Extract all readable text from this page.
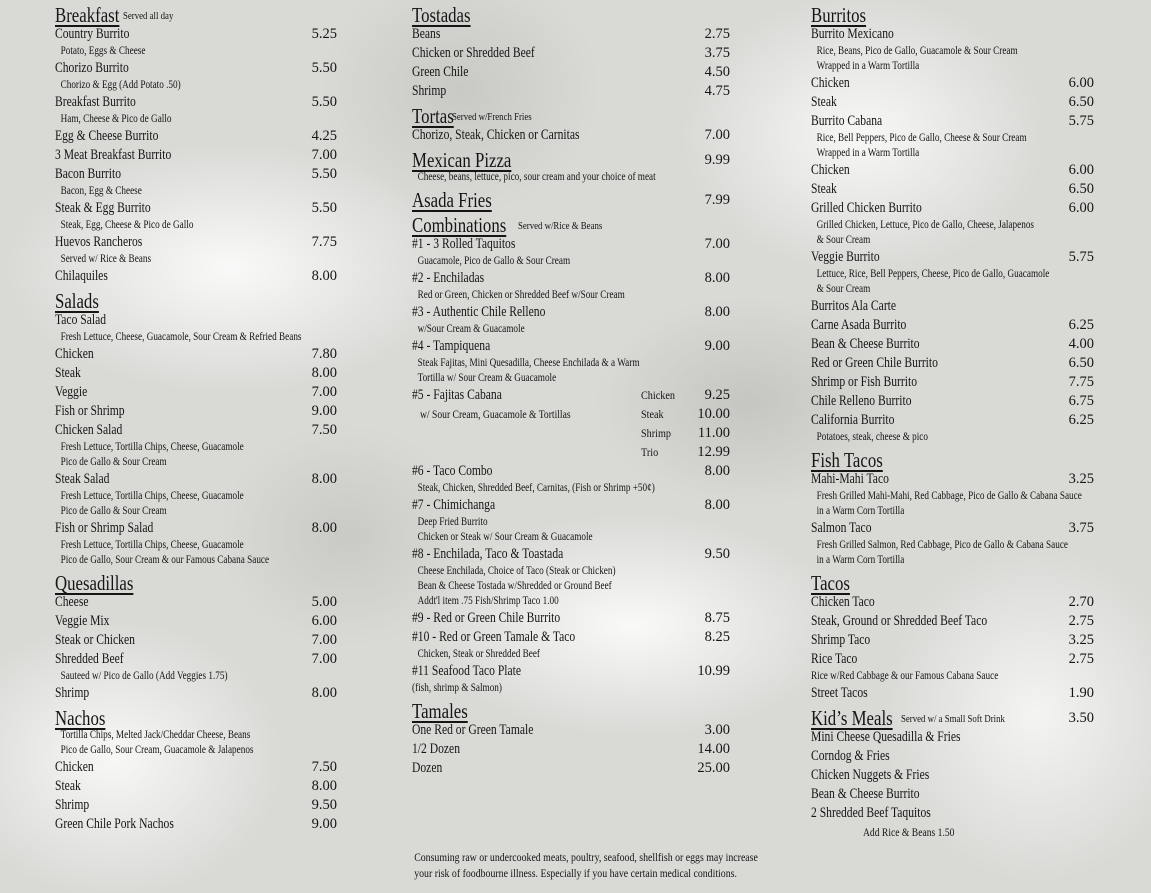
Breakfast Served all day
Country Burrito	5.25
Potato, Eggs & Cheese
Chorizo Burrito	5.50
Chorizo & Egg (Add Potato .50)
Breakfast Burrito	5.50
Ham, Cheese & Pico de Gallo
Egg & Cheese Burrito	4.25
3 Meat Breakfast Burrito	7.00
Bacon Burrito	5.50
Bacon, Egg & Cheese
Steak & Egg Burrito	5.50
Steak, Egg, Cheese & Pico de Gallo
Huevos Rancheros	7.75
Served w/ Rice & Beans
Chilaquiles	8.00
Salads
Taco Salad
Fresh Lettuce, Cheese, Guacamole, Sour Cream & Refried Beans
Chicken	7.80
Steak	8.00
Veggie	7.00
Fish or Shrimp	9.00
Chicken Salad	7.50
Fresh Lettuce, Tortilla Chips, Cheese, Guacamole
Pico de Gallo & Sour Cream
Steak Salad	8.00
Fresh Lettuce, Tortilla Chips, Cheese, Guacamole
Pico de Gallo & Sour Cream
Fish or Shrimp Salad	8.00
Fresh Lettuce, Tortilla Chips, Cheese, Guacamole
Pico de Gallo, Sour Cream & our Famous Cabana Sauce
Quesadillas
Cheese	5.00
Veggie Mix	6.00
Steak or Chicken	7.00
Shredded Beef	7.00
Sauteed w/ Pico de Gallo (Add Veggies 1.75)
Shrimp	8.00
Nachos
Tortilla Chips, Melted Jack/Cheddar Cheese, Beans
Pico de Gallo, Sour Cream, Guacamole & Jalapenos
Chicken	7.50
Steak	8.00
Shrimp	9.50
Green Chile Pork Nachos	9.00
Tostadas
Beans	2.75
Chicken or Shredded Beef	3.75
Green Chile	4.50
Shrimp	4.75
Tortas
Served w/French Fries
Chorizo, Steak, Chicken or Carnitas	7.00
Mexican Pizza	9.99
Cheese, beans, lettuce, pico, sour cream and your choice of meat
Asada Fries	7.99
Combinations Served w/Rice & Beans
#1 - 3 Rolled Taquitos	7.00
Guacamole, Pico de Gallo & Sour Cream
#2 - Enchiladas	8.00
Red or Green, Chicken or Shredded Beef w/Sour Cream
#3 - Authentic Chile Relleno	8.00
w/Sour Cream & Guacamole
#4 - Tampiquena	9.00
Steak Fajitas, Mini Quesadilla, Cheese Enchilada & a Warm
Tortilla w/ Sour Cream & Guacamole
#5 - Fajitas Cabana	Chicken 9.25
w/ Sour Cream, Guacamole & Tortillas	Steak 10.00
Shrimp 11.00
Trio	12.99
#6 - Taco Combo	8.00
Steak, Chicken, Shredded Beef, Carnitas, (Fish or Shrimp +50¢)
#7 - Chimichanga	8.00
Deep Fried Burrito
Chicken or Steak w/ Sour Cream & Guacamole
#8 - Enchilada, Taco & Toastada	9.50
Cheese Enchilada, Choice of Taco (Steak or Chicken)
Bean & Cheese Tostada w/Shredded or Ground Beef
Addt'l item .75 Fish/Shrimp Taco 1.00
#9 - Red or Green Chile Burrito	8.75
#10 - Red or Green Tamale & Taco	8.25
Chicken, Steak or Shredded Beef
#11 Seafood Taco Plate	10.99
(fish, shrimp & Salmon)
Tamales
One Red or Green Tamale	3.00
1/2 Dozen	14.00
Dozen	25.00
Burritos
Burrito Mexicano
Rice, Beans, Pico de Gallo, Guacamole & Sour Cream
Wrapped in a Warm Tortilla
Chicken	6.00
Steak	6.50
Burrito Cabana	5.75
Rice, Bell Peppers, Pico de Gallo, Cheese & Sour Cream
Wrapped in a Warm Tortilla
Chicken	6.00
Steak	6.50
Grilled Chicken Burrito	6.00
Grilled Chicken, Lettuce, Pico de Gallo, Cheese, Jalapenos
& Sour Cream
Veggie Burrito	5.75
Lettuce, Rice, Bell Peppers, Cheese, Pico de Gallo, Guacamole
& Sour Cream
Burritos Ala Carte
Carne Asada Burrito	6.25
Bean & Cheese Burrito	4.00
Red or Green Chile Burrito	6.50
Shrimp or Fish Burrito	7.75
Chile Relleno Burrito	6.75
California Burrito	6.25
Potatoes, steak, cheese & pico
Fish Tacos
Mahi-Mahi Taco	3.25
Fresh Grilled Mahi-Mahi, Red Cabbage, Pico de Gallo & Cabana Sauce
in a Warm Corn Tortilla
Salmon Taco	3.75
Fresh Grilled Salmon, Red Cabbage, Pico de Gallo & Cabana Sauce
in a Warm Corn Tortilla
Tacos
Chicken Taco	2.70
Steak, Ground or Shredded Beef Taco	2.75
Shrimp Taco	3.25
Rice Taco	2.75
Rice w/Red Cabbage & our Famous Cabana Sauce
Street Tacos	1.90
Kid’s Meals Served w/ a Small Soft Drink	3.50
Mini Cheese Quesadilla & Fries
Corndog & Fries
Chicken Nuggets & Fries
Bean & Cheese Burrito
2 Shredded Beef Taquitos
Add Rice & Beans 1.50
Consuming raw or undercooked meats, poultry, seafood, shellfish or eggs may increase
your risk of foodbourne illness. Especially if you have certain medical conditions.
